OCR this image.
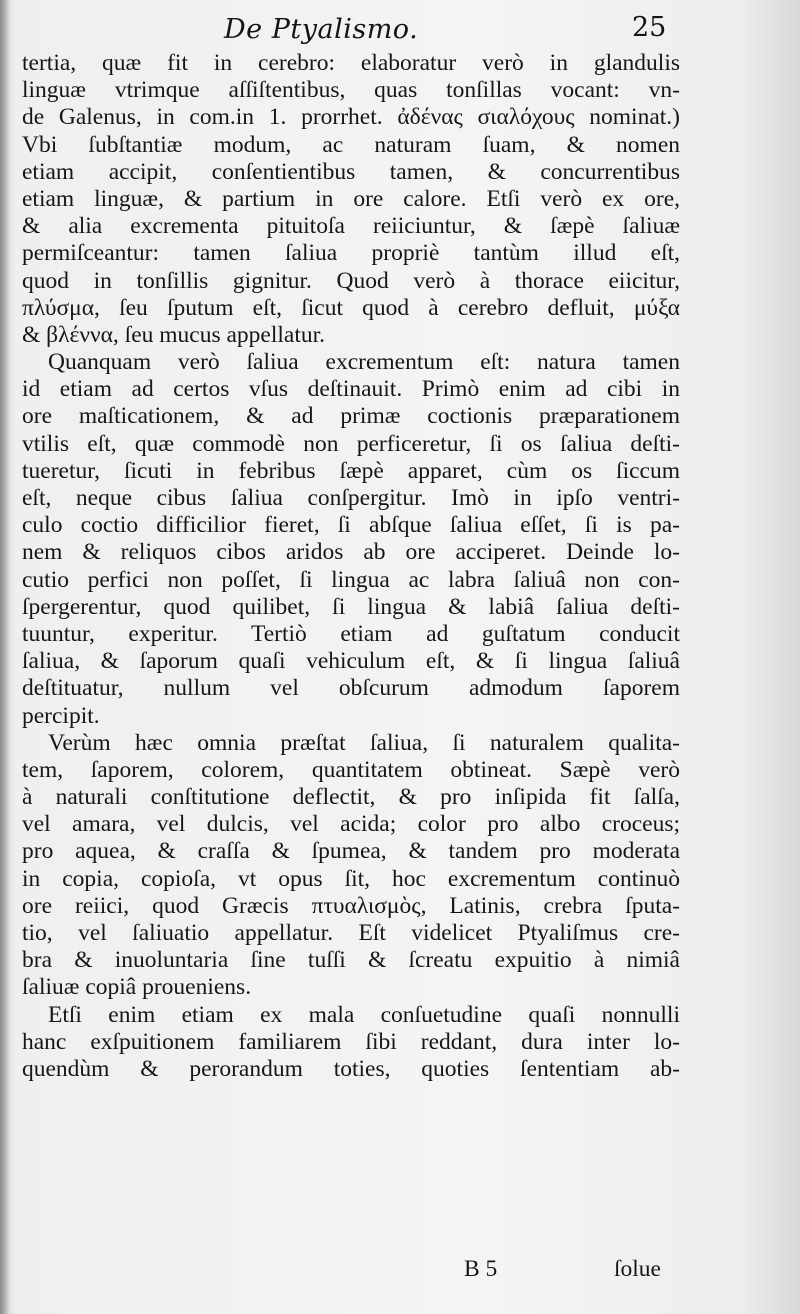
De Ptyalismo.	25
tertia, quæ fit in cerebro: elaboratur verò in glandulis
linguæ vtrimque aſſiſtentibus, quas tonſillas vocant: vn-
de Galenus, in com.in 1. prorrhet. ἀδένας σιαλόχους nominat.)
Vbi ſubſtantiæ modum, ac naturam ſuam, & nomen
etiam accipit, conſentientibus tamen, & concurrentibus
etiam linguæ, & partium in ore calore. Etſi verò ex ore,
& alia excrementa pituitoſa reiiciuntur, & ſæpè ſaliuæ
permiſceantur: tamen ſaliua propriè tantùm illud eſt,
quod in tonſillis gignitur. Quod verò à thorace eiicitur,
πλύσμα, ſeu ſputum eſt, ſicut quod à cerebro defluit, μύξα
& βλέννα, ſeu mucus appellatur.
Quanquam verò ſaliua excrementum eſt: natura tamen
id etiam ad certos vſus deſtinauit. Primò enim ad cibi in
ore maſticationem, & ad primæ coctionis præparationem
vtilis eſt, quæ commodè non perficeretur, ſi os ſaliua deſti-
tueretur, ſicuti in febribus ſæpè apparet, cùm os ſiccum
eſt, neque cibus ſaliua conſpergitur. Imò in ipſo ventri-
culo coctio difficilior fieret, ſi abſque ſaliua eſſet, ſi is pa-
nem & reliquos cibos aridos ab ore acciperet. Deinde lo-
cutio perfici non poſſet, ſi lingua ac labra ſaliuâ non con-
ſpergerentur, quod quilibet, ſi lingua & labiâ ſaliua deſti-
tuuntur, experitur. Tertiò etiam ad guſtatum conducit
ſaliua, & ſaporum quaſi vehiculum eſt, & ſi lingua ſaliuâ
deſtituatur, nullum vel obſcurum admodum ſaporem
percipit.
Verùm hæc omnia præſtat ſaliua, ſi naturalem qualita-
tem, ſaporem, colorem, quantitatem obtineat. Sæpè verò
à naturali conſtitutione deflectit, & pro inſipida fit ſalſa,
vel amara, vel dulcis, vel acida; color pro albo croceus;
pro aquea, & craſſa & ſpumea, & tandem pro moderata
in copia, copioſa, vt opus ſit, hoc excrementum continuò
ore reiici, quod Græcis πτυαλισμὸς, Latinis, crebra ſputa-
tio, vel ſaliuatio appellatur. Eſt videlicet Ptyaliſmus cre-
bra & inuoluntaria ſine tuſſi & ſcreatu expuitio à nimiâ
ſaliuæ copiâ proueniens.
Etſi enim etiam ex mala conſuetudine quaſi nonnulli
hanc exſpuitionem familiarem ſibi reddant, dura inter lo-
quendùm & perorandum toties, quoties ſententiam ab-
B 5	ſolue
